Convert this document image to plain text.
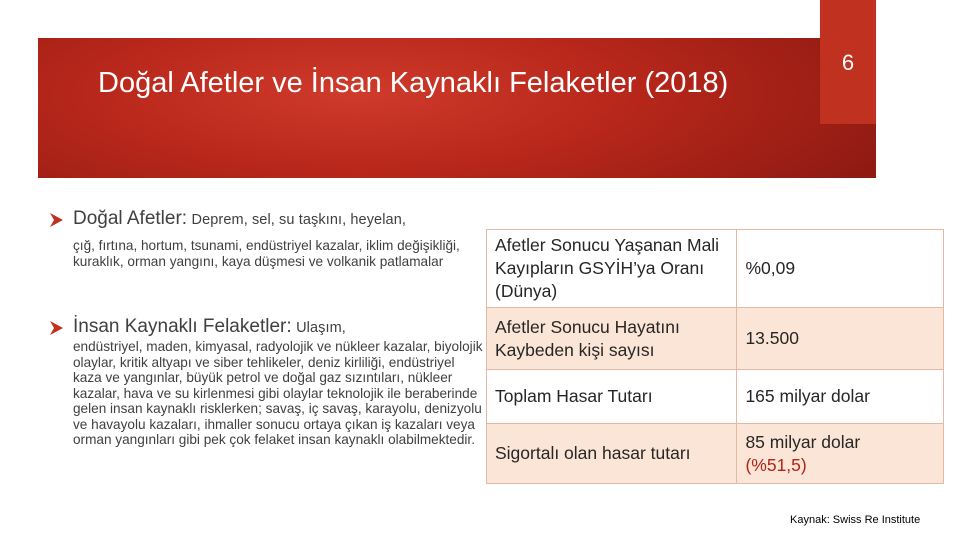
6
Doğal Afetler ve İnsan Kaynaklı Felaketler (2018)
Doğal Afetler: Deprem, sel, su taşkını, heyelan,
çığ, fırtına, hortum, tsunami, endüstriyel kazalar, iklim değişikliği, kuraklık, orman yangını, kaya düşmesi ve volkanik patlamalar
İnsan Kaynaklı Felaketler: Ulaşım,
endüstriyel, maden, kimyasal, radyolojik ve nükleer kazalar, biyolojik olaylar, kritik altyapı ve siber tehlikeler, deniz kirliliği, endüstriyel kaza ve yangınlar, büyük petrol ve doğal gaz sızıntıları, nükleer kazalar, hava ve su kirlenmesi gibi olaylar teknolojik ile beraberinde gelen insan kaynaklı risklerken; savaş, iç savaş, karayolu, denizyolu ve havayolu kazaları, ihmaller sonucu ortaya çıkan iş kazaları veya orman yangınları gibi pek çok felaket insan kaynaklı olabilmektedir.
Afetler Sonucu Yaşanan Mali Kayıpların GSYİH’ya Oranı (Dünya)	%0,09
Afetler Sonucu Hayatını Kaybeden kişi sayısı	13.500
Toplam Hasar Tutarı	165 milyar dolar
Sigortalı olan hasar tutarı	85 milyar dolar
(%51,5)
Kaynak: Swiss Re Institute
